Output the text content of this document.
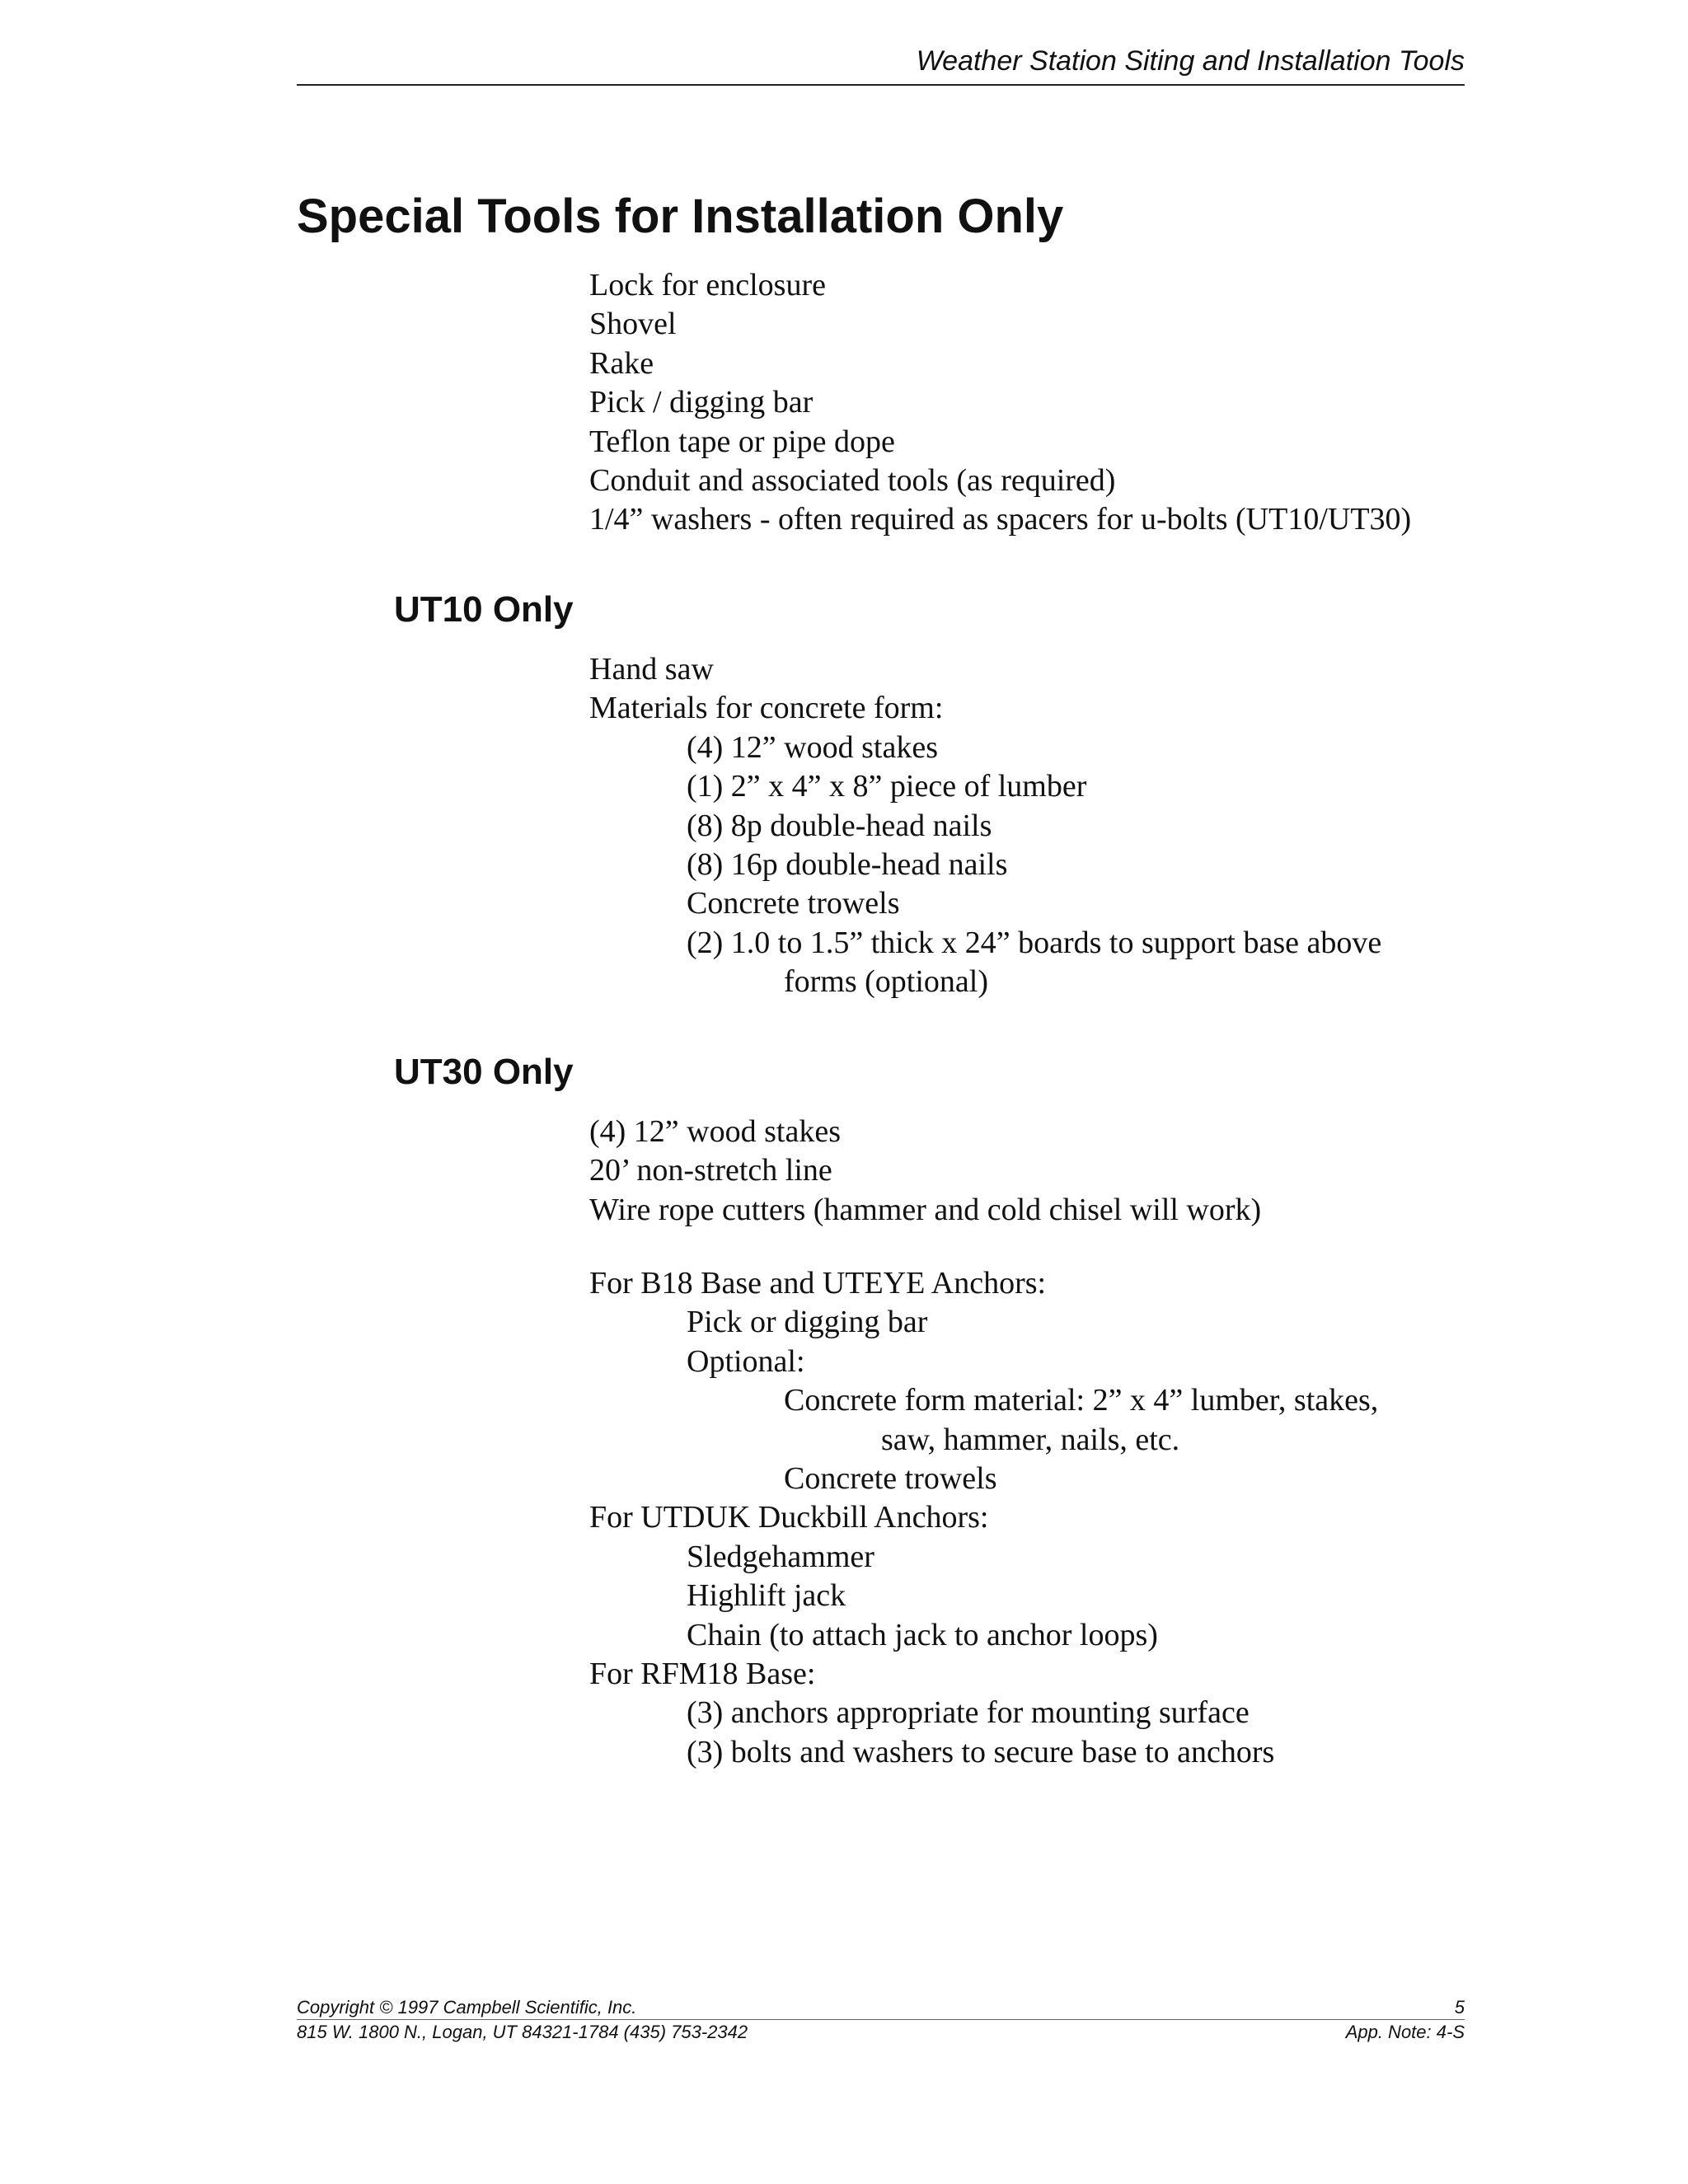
Weather Station Siting and Installation Tools
Special Tools for Installation Only
Lock for enclosure
Shovel
Rake
Pick / digging bar
Teflon tape or pipe dope
Conduit and associated tools (as required)
1/4” washers - often required as spacers for u-bolts (UT10/UT30)
UT10 Only
Hand saw
Materials for concrete form:
(4) 12” wood stakes
(1) 2” x 4” x 8” piece of lumber
(8) 8p double-head nails
(8) 16p double-head nails
Concrete trowels
(2) 1.0 to 1.5” thick x 24” boards to support base above
forms (optional)
UT30 Only
(4) 12” wood stakes
20’ non-stretch line
Wire rope cutters (hammer and cold chisel will work)
For B18 Base and UTEYE Anchors:
Pick or digging bar
Optional:
Concrete form material: 2” x 4” lumber, stakes,
saw, hammer, nails, etc.
Concrete trowels
For UTDUK Duckbill Anchors:
Sledgehammer
Highlift jack
Chain (to attach jack to anchor loops)
For RFM18 Base:
(3) anchors appropriate for mounting surface
(3) bolts and washers to secure base to anchors
Copyright © 1997 Campbell Scientific, Inc.	5
815 W. 1800 N., Logan, UT 84321-1784 (435) 753-2342	App. Note: 4-S
